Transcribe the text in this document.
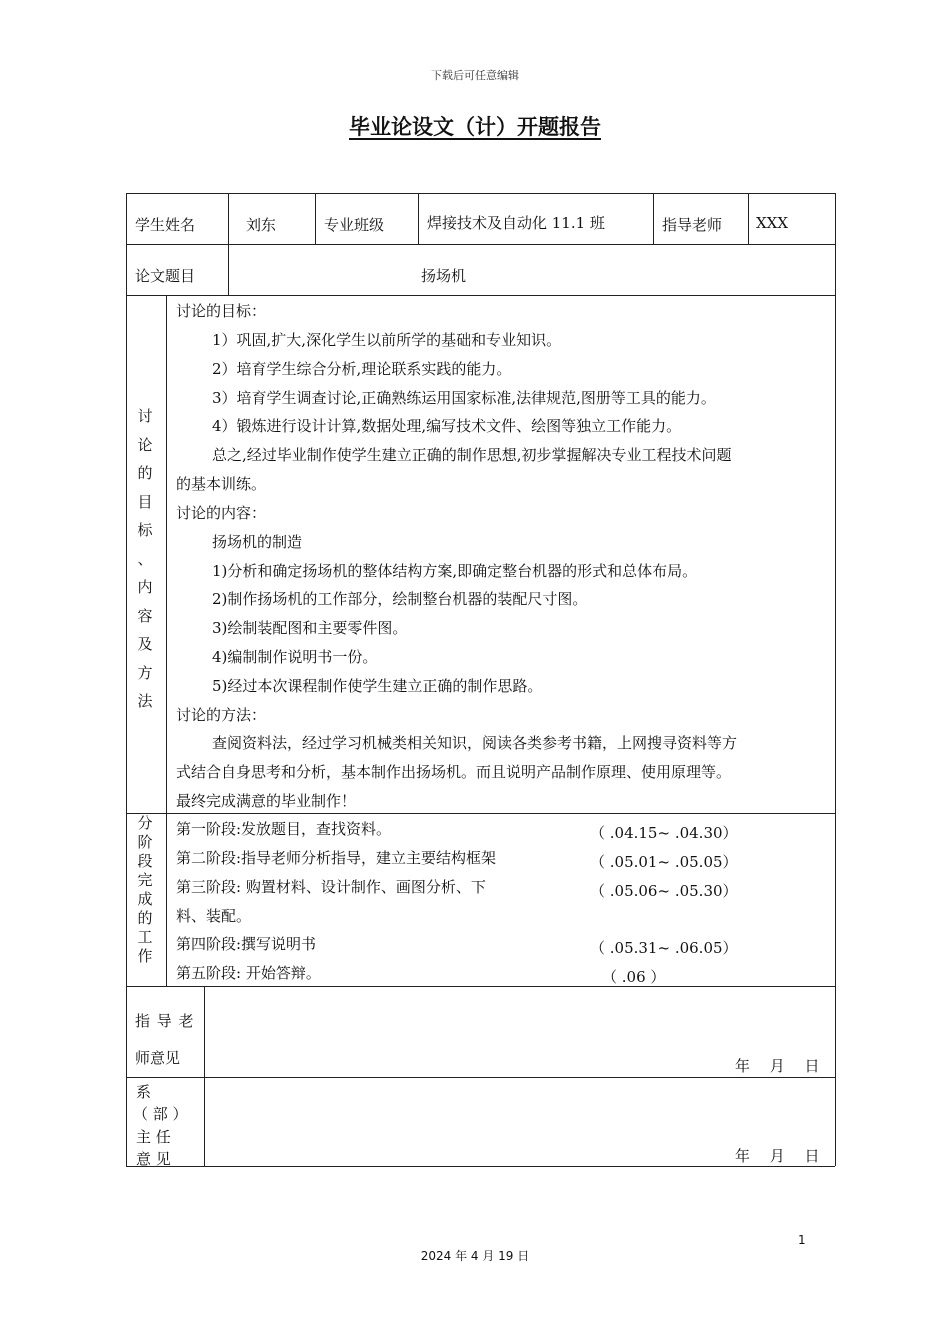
下载后可任意编辑
毕业论设文（计）开题报告
学生姓名	刘东	专业班级	焊接技术及自动化 11.1 班	指导老师 XXX
论文题目	扬场机
讨
论
的
目
标
、
内
容
及
方
法
讨论的目标：
1）巩固,扩大,深化学生以前所学的基础和专业知识。
2）培育学生综合分析,理论联系实践的能力。
3）培育学生调查讨论,正确熟练运用国家标准,法律规范,图册等工具的能力。
4）锻炼进行设计计算,数据处理,编写技术文件、绘图等独立工作能力。
总之,经过毕业制作使学生建立正确的制作思想,初步掌握解决专业工程技术问题
的基本训练。
讨论的内容：
扬场机的制造
1)分析和确定扬场机的整体结构方案,即确定整台机器的形式和总体布局。
2)制作扬场机的工作部分，绘制整台机器的装配尺寸图。
3)绘制装配图和主要零件图。
4)编制制作说明书一份。
5)经过本次课程制作使学生建立正确的制作思路。
讨论的方法：
查阅资料法，经过学习机械类相关知识，阅读各类参考书籍，上网搜寻资料等方
式结合自身思考和分析，基本制作出扬场机。而且说明产品制作原理、使用原理等。
最终完成满意的毕业制作！
分
阶
段
完
成
的
工
作
第一阶段:发放题目，查找资料。	（ .04.15~ .04.30）
第二阶段:指导老师分析指导，建立主要结构框架	（ .05.01~ .05.05）
第三阶段: 购置材料、设计制作、画图分析、下	（ .05.06~ .05.30）
料、装配。
第四阶段:撰写说明书	（ .05.31~ .06.05）
第五阶段: 开始答辩。	（ .06 ）
指 导 老
师意见	年　 月　 日
系
（ 部 ）
主 任
意 见	年　 月　 日
1
2024 年 4 月 19 日
